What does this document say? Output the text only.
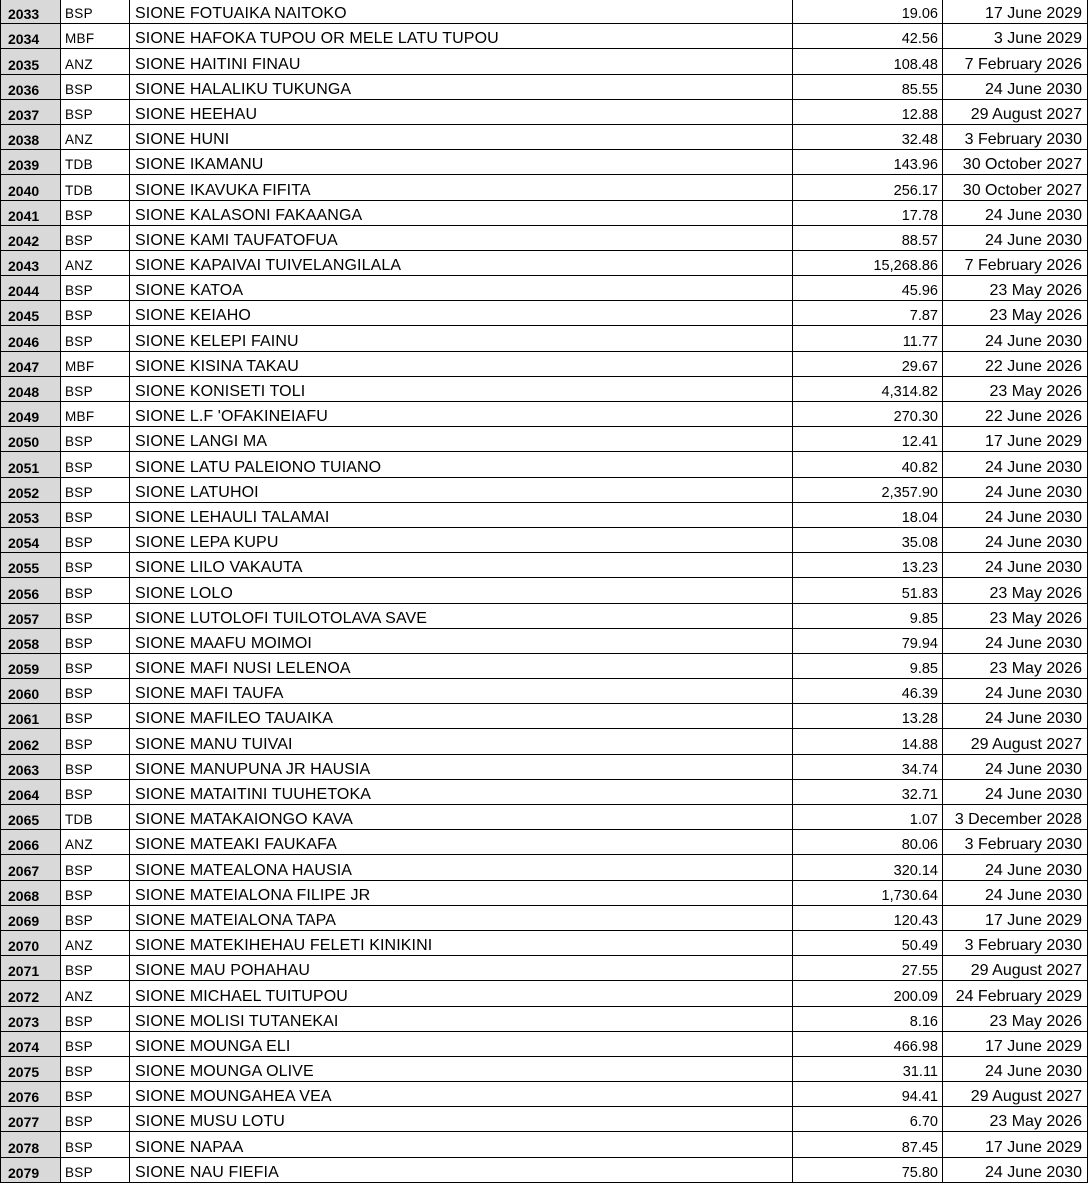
2033	BSP	SIONE FOTUAIKA NAITOKO	19.06	17 June 2029
2034	MBF	SIONE HAFOKA TUPOU OR MELE LATU TUPOU	42.56	3 June 2029
2035	ANZ	SIONE HAITINI FINAU	108.48	7 February 2026
2036	BSP	SIONE HALALIKU TUKUNGA	85.55	24 June 2030
2037	BSP	SIONE HEEHAU	12.88	29 August 2027
2038	ANZ	SIONE HUNI	32.48	3 February 2030
2039	TDB	SIONE IKAMANU	143.96	30 October 2027
2040	TDB	SIONE IKAVUKA FIFITA	256.17	30 October 2027
2041	BSP	SIONE KALASONI FAKAANGA	17.78	24 June 2030
2042	BSP	SIONE KAMI TAUFATOFUA	88.57	24 June 2030
2043	ANZ	SIONE KAPAIVAI TUIVELANGILALA	15,268.86	7 February 2026
2044	BSP	SIONE KATOA	45.96	23 May 2026
2045	BSP	SIONE KEIAHO	7.87	23 May 2026
2046	BSP	SIONE KELEPI FAINU	11.77	24 June 2030
2047	MBF	SIONE KISINA TAKAU	29.67	22 June 2026
2048	BSP	SIONE KONISETI TOLI	4,314.82	23 May 2026
2049	MBF	SIONE L.F 'OFAKINEIAFU	270.30	22 June 2026
2050	BSP	SIONE LANGI MA	12.41	17 June 2029
2051	BSP	SIONE LATU PALEIONO TUIANO	40.82	24 June 2030
2052	BSP	SIONE LATUHOI	2,357.90	24 June 2030
2053	BSP	SIONE LEHAULI TALAMAI	18.04	24 June 2030
2054	BSP	SIONE LEPA KUPU	35.08	24 June 2030
2055	BSP	SIONE LILO VAKAUTA	13.23	24 June 2030
2056	BSP	SIONE LOLO	51.83	23 May 2026
2057	BSP	SIONE LUTOLOFI TUILOTOLAVA SAVE	9.85	23 May 2026
2058	BSP	SIONE MAAFU MOIMOI	79.94	24 June 2030
2059	BSP	SIONE MAFI NUSI LELENOA	9.85	23 May 2026
2060	BSP	SIONE MAFI TAUFA	46.39	24 June 2030
2061	BSP	SIONE MAFILEO TAUAIKA	13.28	24 June 2030
2062	BSP	SIONE MANU TUIVAI	14.88	29 August 2027
2063	BSP	SIONE MANUPUNA JR HAUSIA	34.74	24 June 2030
2064	BSP	SIONE MATAITINI TUUHETOKA	32.71	24 June 2030
2065	TDB	SIONE MATAKAIONGO KAVA	1.07	3 December 2028
2066	ANZ	SIONE MATEAKI FAUKAFA	80.06	3 February 2030
2067	BSP	SIONE MATEALONA HAUSIA	320.14	24 June 2030
2068	BSP	SIONE MATEIALONA FILIPE JR	1,730.64	24 June 2030
2069	BSP	SIONE MATEIALONA TAPA	120.43	17 June 2029
2070	ANZ	SIONE MATEKIHEHAU FELETI KINIKINI	50.49	3 February 2030
2071	BSP	SIONE MAU POHAHAU	27.55	29 August 2027
2072	ANZ	SIONE MICHAEL TUITUPOU	200.09	24 February 2029
2073	BSP	SIONE MOLISI TUTANEKAI	8.16	23 May 2026
2074	BSP	SIONE MOUNGA ELI	466.98	17 June 2029
2075	BSP	SIONE MOUNGA OLIVE	31.11	24 June 2030
2076	BSP	SIONE MOUNGAHEA VEA	94.41	29 August 2027
2077	BSP	SIONE MUSU LOTU	6.70	23 May 2026
2078	BSP	SIONE NAPAA	87.45	17 June 2029
2079	BSP	SIONE NAU FIEFIA	75.80	24 June 2030
